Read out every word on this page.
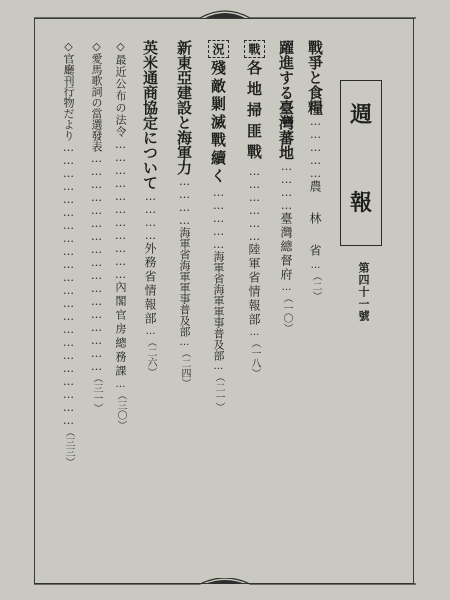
週
報
第四十一號
戰爭と食糧……………農　林　省…（二）
躍進する臺灣蕃地…………臺灣總督府…（一〇）
戰各地掃匪戰………………陸軍省情報部…（一八）
況殘敵剿滅戰續く……………海軍省海軍軍事普及部…（二一）
新東亞建設と海軍力…………海軍省海軍軍事普及部…（二四）
英米通商協定について…………外務省情報部…（二六）
◇最近公布の法令……………………………內閣官房總務課…（三〇）
◇愛馬歌詞の當選發表……………………………………………（三一）
◇官廳刊行物だより…………………………………………………………（三三）
